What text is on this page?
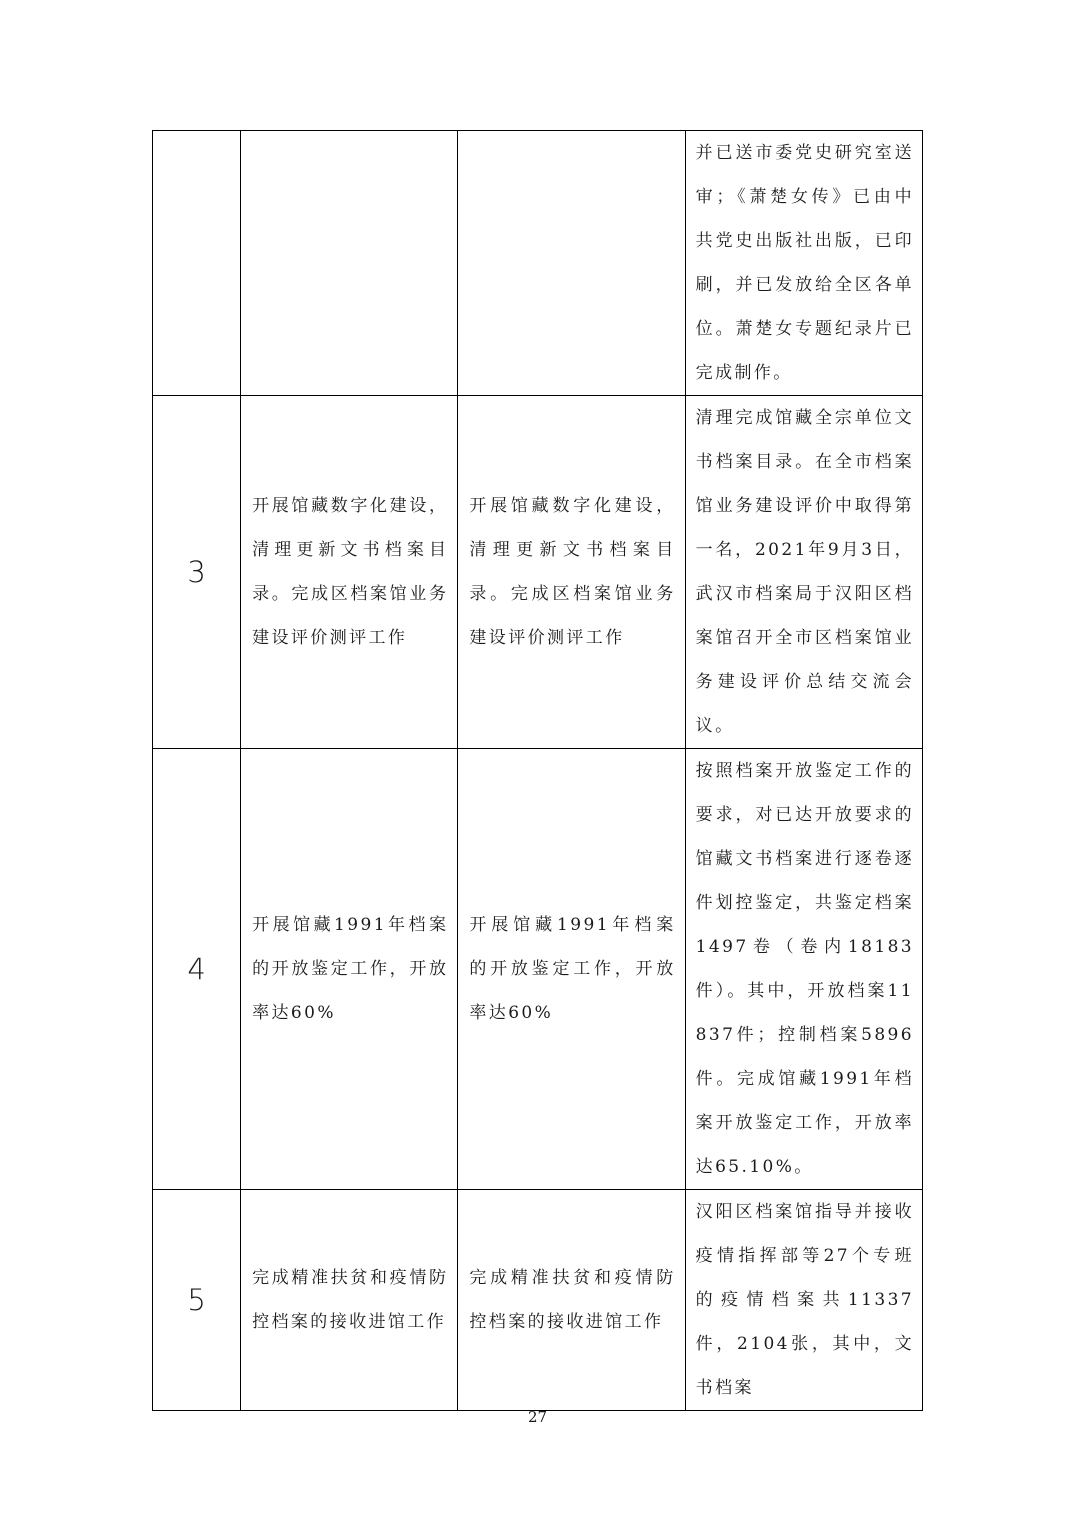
			并已送市委党史研究室送审；《萧楚女传》已由中共党史出版社出版，已印刷，并已发放给全区各单位。萧楚女专题纪录片已完成制作。
3	开展馆藏数字化建设，清理更新文书档案目录。完成区档案馆业务建设评价测评工作	开展馆藏数字化建设，清理更新文书档案目录。完成区档案馆业务建设评价测评工作	清理完成馆藏全宗单位文书档案目录。在全市档案馆业务建设评价中取得第一名，2021年9月3日，武汉市档案局于汉阳区档案馆召开全市区档案馆业务建设评价总结交流会议。
4	开展馆藏1991年档案的开放鉴定工作，开放率达60%	开展馆藏1991年档案的开放鉴定工作，开放率达60%	按照档案开放鉴定工作的要求，对已达开放要求的馆藏文书档案进行逐卷逐件划控鉴定，共鉴定档案1497卷（卷内18183件）。其中，开放档案11837件；控制档案5896件。完成馆藏1991年档案开放鉴定工作，开放率达65.10%。
5	完成精准扶贫和疫情防控档案的接收进馆工作	完成精准扶贫和疫情防控档案的接收进馆工作	汉阳区档案馆指导并接收疫情指挥部等27个专班的疫情档案共11337件，2104张，其中，文书档案
27
